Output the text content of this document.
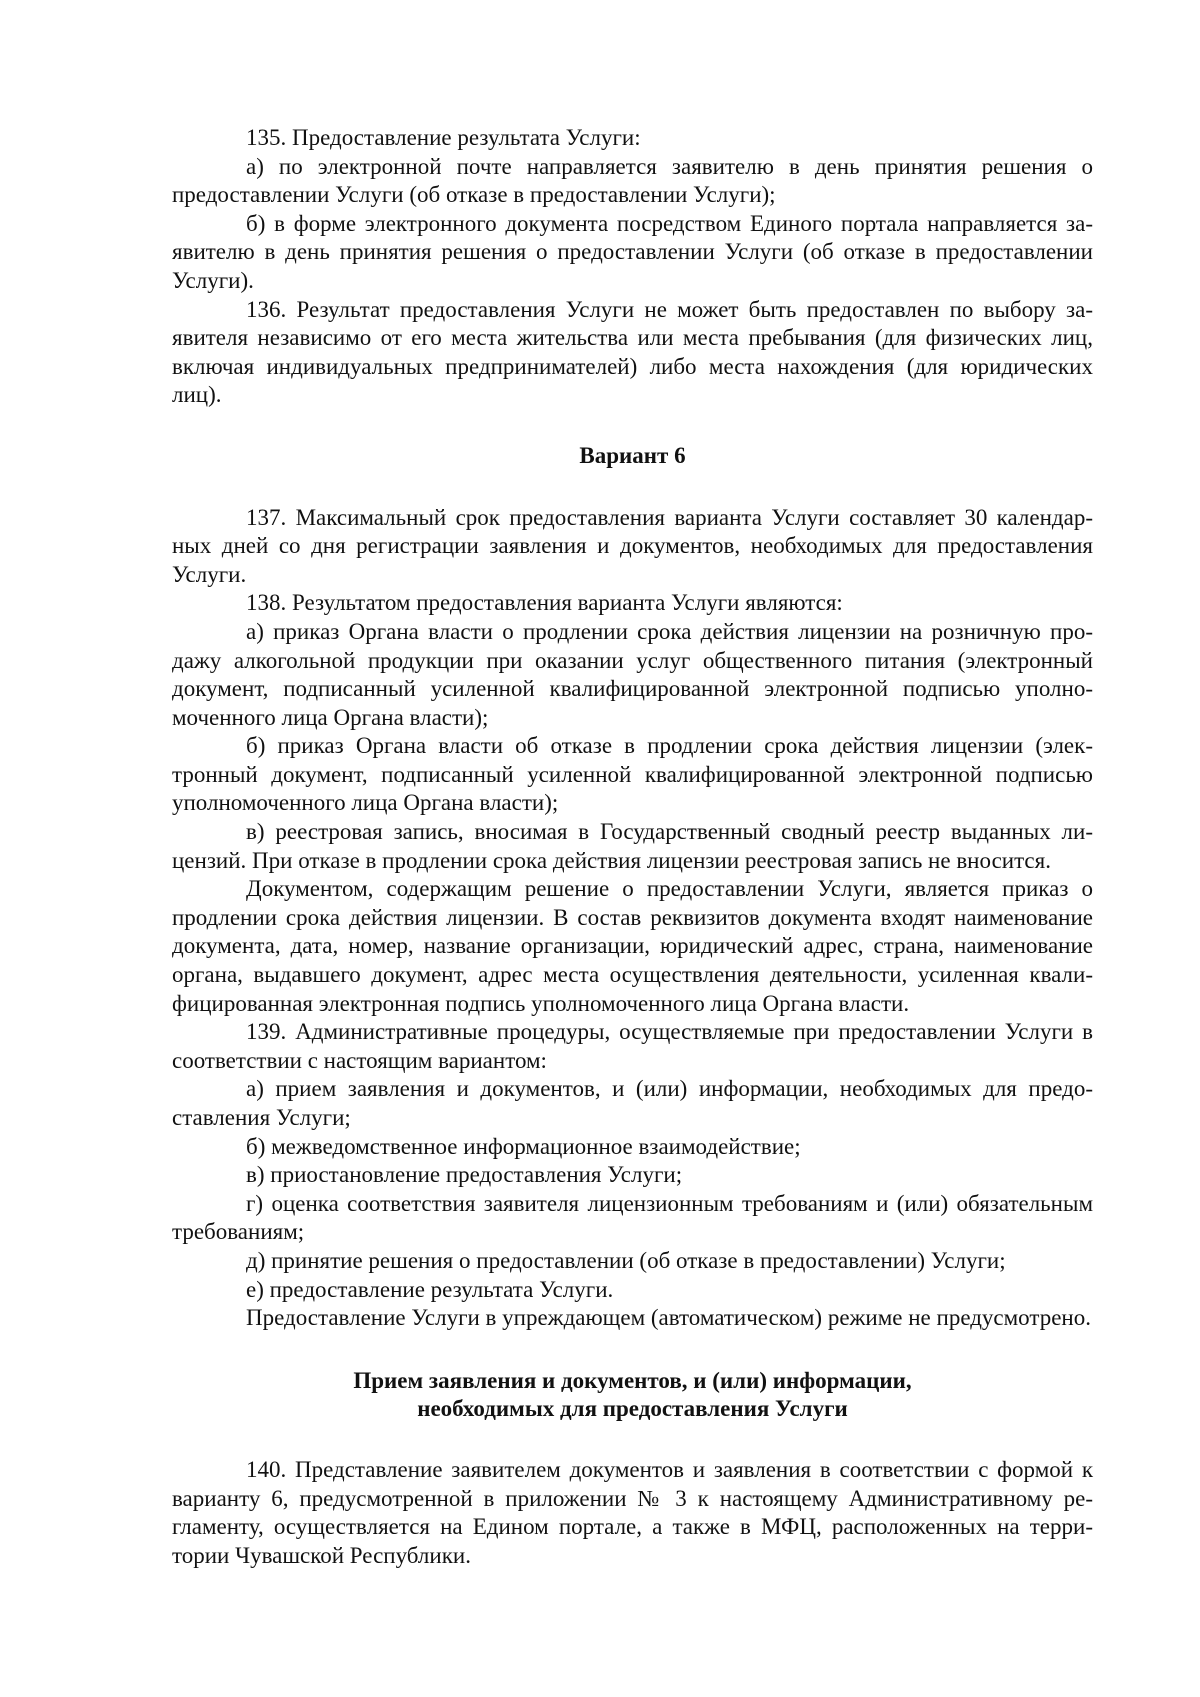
135. Предоставление результата Услуги:

а) по электронной почте направляется заявителю в день принятия решения о предоставлении Услуги (об отказе в предоставлении Услуги);

б) в форме электронного документа посредством Единого портала направляется заявителю в день принятия решения о предоставлении Услуги (об отказе в предоставлении Услуги).

136. Результат предоставления Услуги не может быть предоставлен по выбору заявителя независимо от его места жительства или места пребывания (для физических лиц, включая индивидуальных предпринимателей) либо места нахождения (для юридических лиц).

Вариант 6

137. Максимальный срок предоставления варианта Услуги составляет 30 календарных дней со дня регистрации заявления и документов, необходимых для предоставления Услуги.

138. Результатом предоставления варианта Услуги являются:

а) приказ Органа власти о продлении срока действия лицензии на розничную продажу алкогольной продукции при оказании услуг общественного питания (электронный документ, подписанный усиленной квалифицированной электронной подписью уполномоченного лица Органа власти);

б) приказ Органа власти об отказе в продлении срока действия лицензии (электронный документ, подписанный усиленной квалифицированной электронной подписью уполномоченного лица Органа власти);

в) реестровая запись, вносимая в Государственный сводный реестр выданных лицензий. При отказе в продлении срока действия лицензии реестровая запись не вносится.

Документом, содержащим решение о предоставлении Услуги, является приказ о продлении срока действия лицензии. В состав реквизитов документа входят наименование документа, дата, номер, название организации, юридический адрес, страна, наименование органа, выдавшего документ, адрес места осуществления деятельности, усиленная квалифицированная электронная подпись уполномоченного лица Органа власти.

139. Административные процедуры, осуществляемые при предоставлении Услуги в соответствии с настоящим вариантом:

а) прием заявления и документов, и (или) информации, необходимых для предоставления Услуги;

б) межведомственное информационное взаимодействие;

в) приостановление предоставления Услуги;

г) оценка соответствия заявителя лицензионным требованиям и (или) обязательным требованиям;

д) принятие решения о предоставлении (об отказе в предоставлении) Услуги;

е) предоставление результата Услуги.

Предоставление Услуги в упреждающем (автоматическом) режиме не предусмотрено.

Прием заявления и документов, и (или) информации,
необходимых для предоставления Услуги

140. Представление заявителем документов и заявления в соответствии с формой к варианту 6, предусмотренной в приложении № 3 к настоящему Административному регламенту, осуществляется на Едином портале, а также в МФЦ, расположенных на территории Чувашской Республики.
